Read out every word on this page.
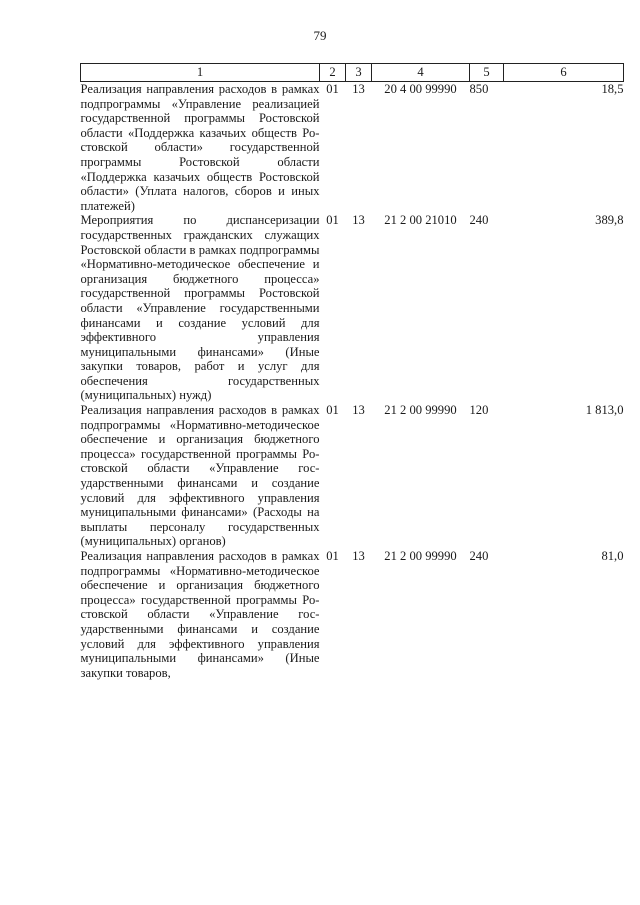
79
1	2	3	4	5	6
Реализация направления расходов в рамках подпрограммы «Управление реализацией государственной программы Ростовской области «Поддержка казачьих обществ Ростовской области» государственной программы Ростовской области «Поддержка казачьих обществ Ростовской области» (Уплата налогов, сборов и иных платежей)	01	13	20 4 00 99990	850	18,5
Мероприятия по диспансеризации государственных гражданских служащих Ростовской области в рамках подпрограммы «Нормативно-методическое обеспечение и организация бюджетного процесса» государственной программы Ростовской области «Управление государственными финансами и создание условий для эффективного управления муниципальными финансами» (Иные закупки товаров, работ и услуг для обеспечения государственных (муниципальных) нужд)	01	13	21 2 00 21010	240	389,8
Реализация направления расходов в рамках подпрограммы «Нормативно-методическое обеспечение и организация бюджетного процесса» государственной программы Ростовской области «Управление государственными финансами и создание условий для эффективного управления муниципальными финансами» (Расходы на выплаты персоналу государственных (муниципальных) органов)	01	13	21 2 00 99990	120	1 813,0
Реализация направления расходов в рамках подпрограммы «Нормативно-методическое обеспечение и организация бюджетного процесса» государственной программы Ростовской области «Управление государственными финансами и создание условий для эффективного управления муниципальными финансами» (Иные закупки товаров,	01	13	21 2 00 99990	240	81,0
